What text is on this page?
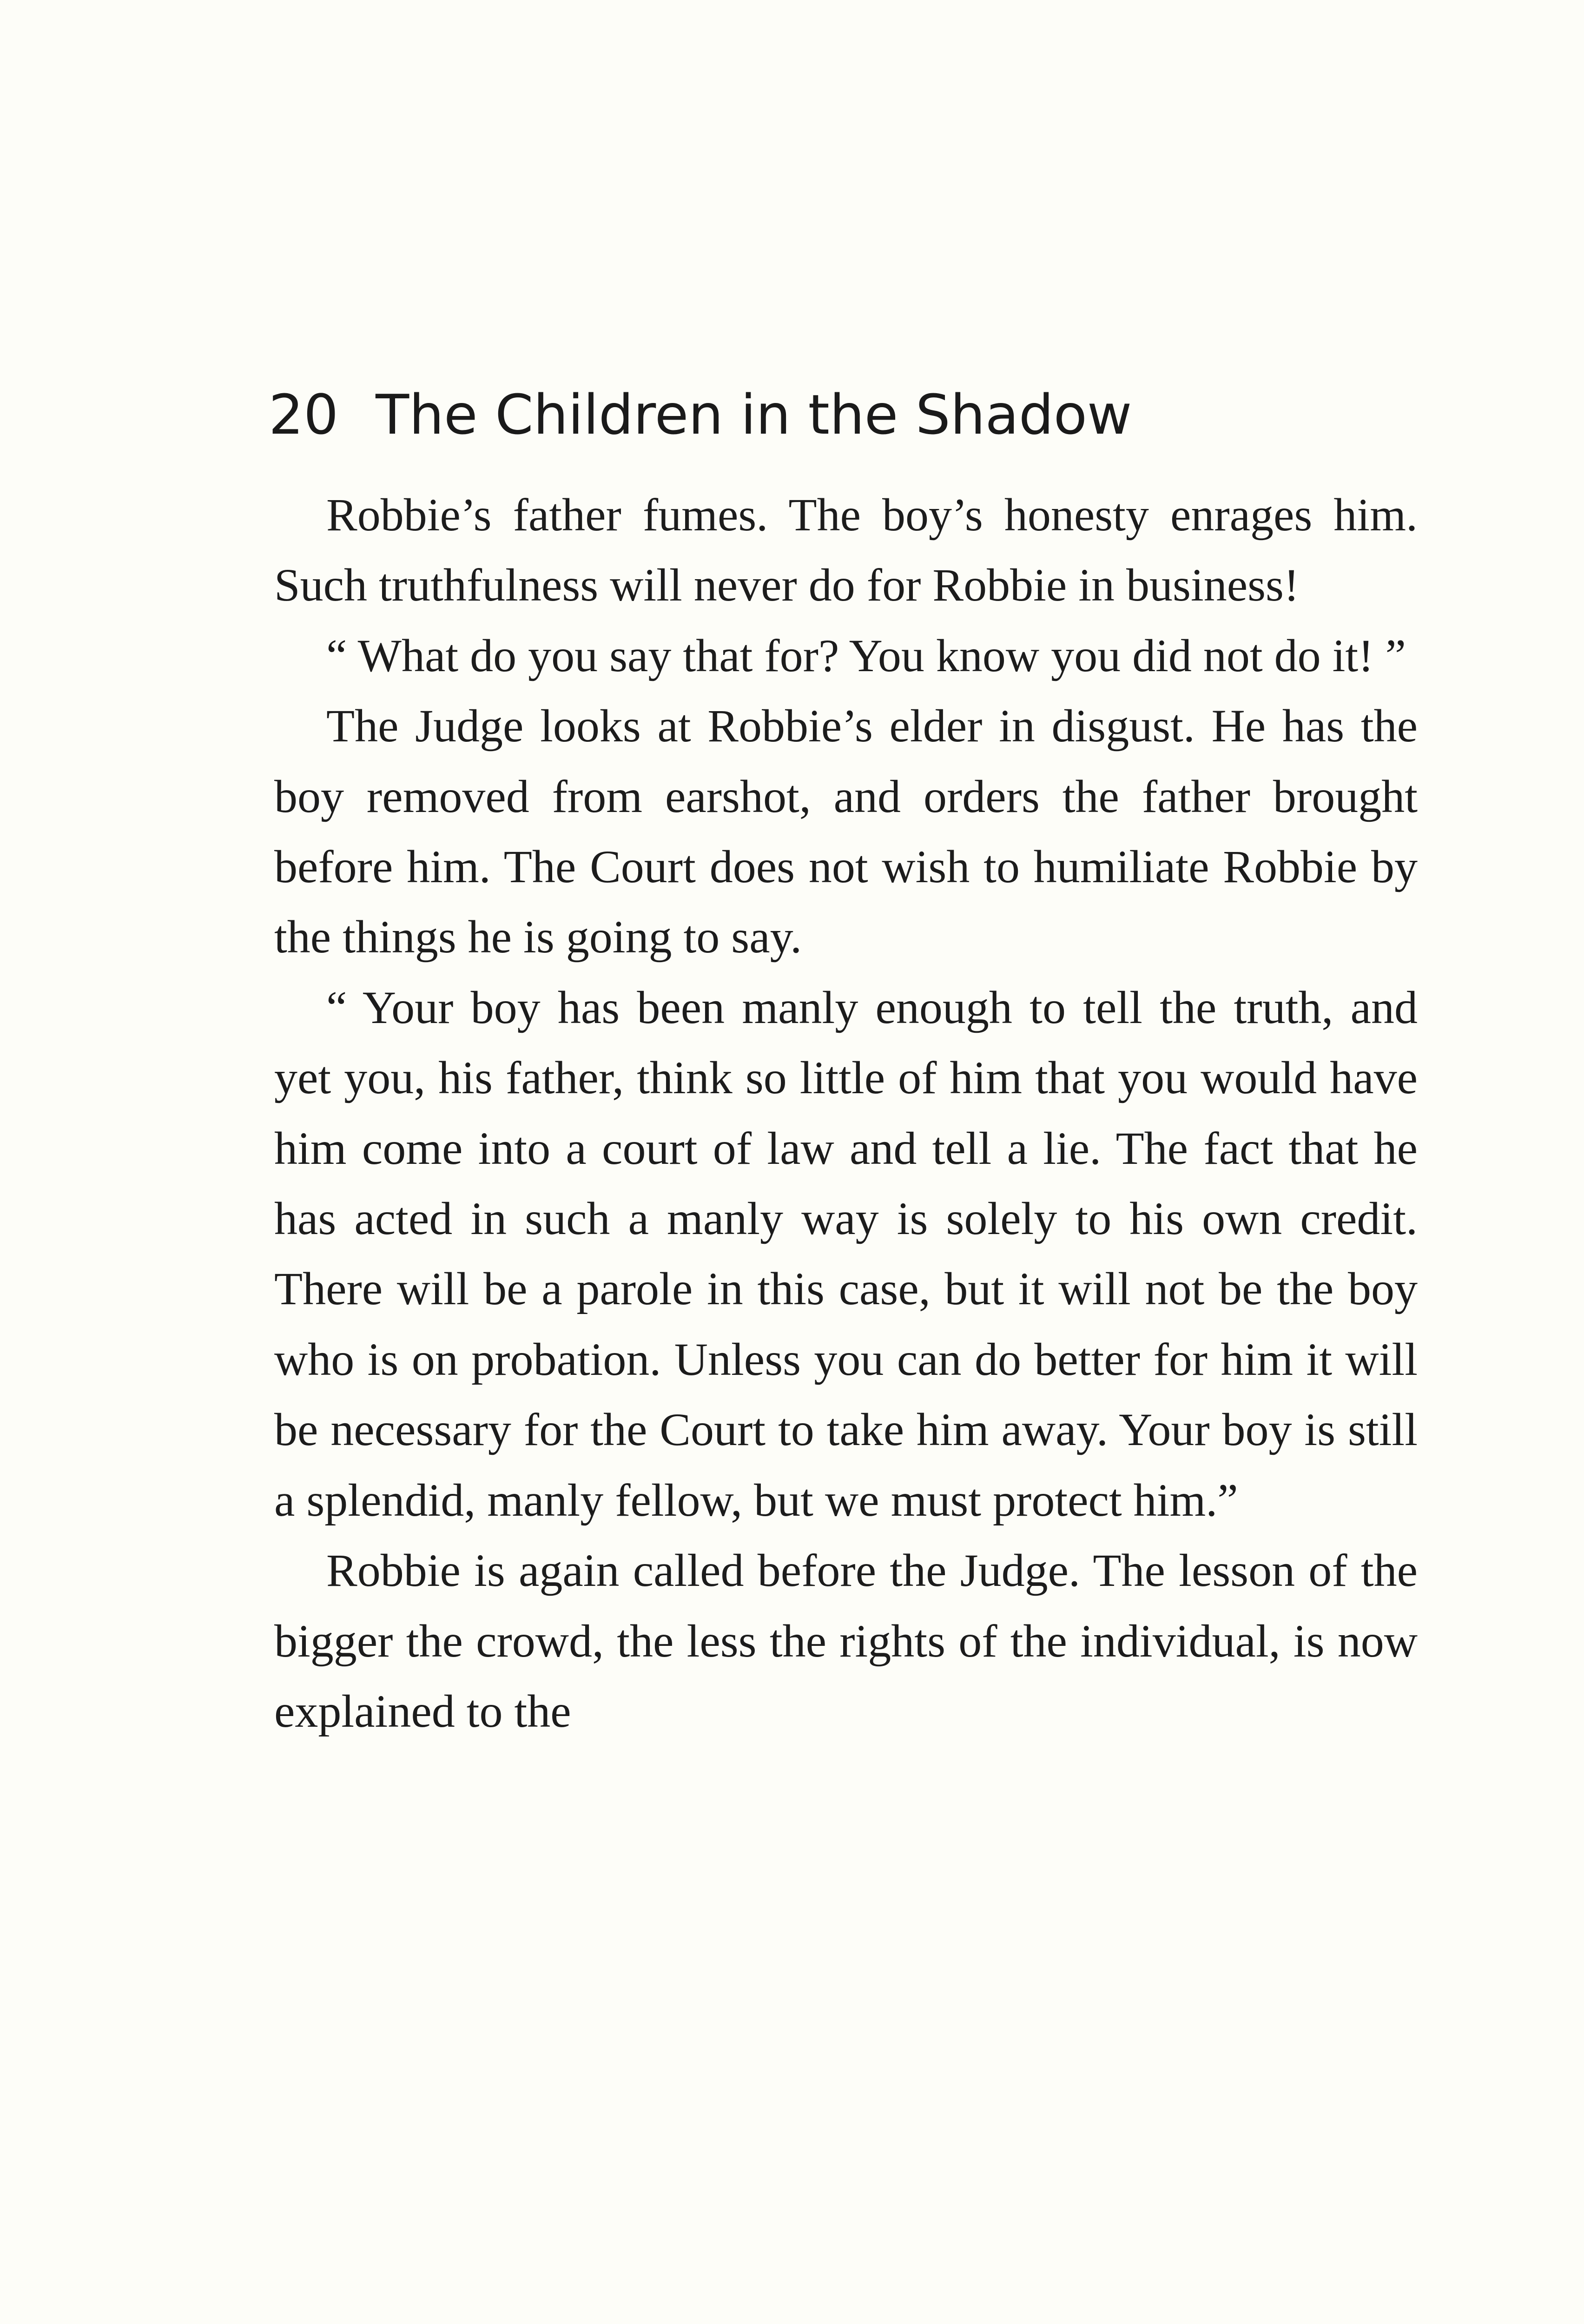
20 The Children in the Shadow

Robbie’s father fumes. The boy’s honesty enrages him. Such truthfulness will never do for Robbie in business!

“ What do you say that for? You know you did not do it! ”

The Judge looks at Robbie’s elder in disgust. He has the boy removed from earshot, and orders the father brought before him. The Court does not wish to humiliate Robbie by the things he is going to say.

“ Your boy has been manly enough to tell the truth, and yet you, his father, think so little of him that you would have him come into a court of law and tell a lie. The fact that he has acted in such a manly way is solely to his own credit. There will be a parole in this case, but it will not be the boy who is on probation. Unless you can do better for him it will be necessary for the Court to take him away. Your boy is still a splendid, manly fellow, but we must protect him.”

Robbie is again called before the Judge. The lesson of the bigger the crowd, the less the rights of the individual, is now explained to the
